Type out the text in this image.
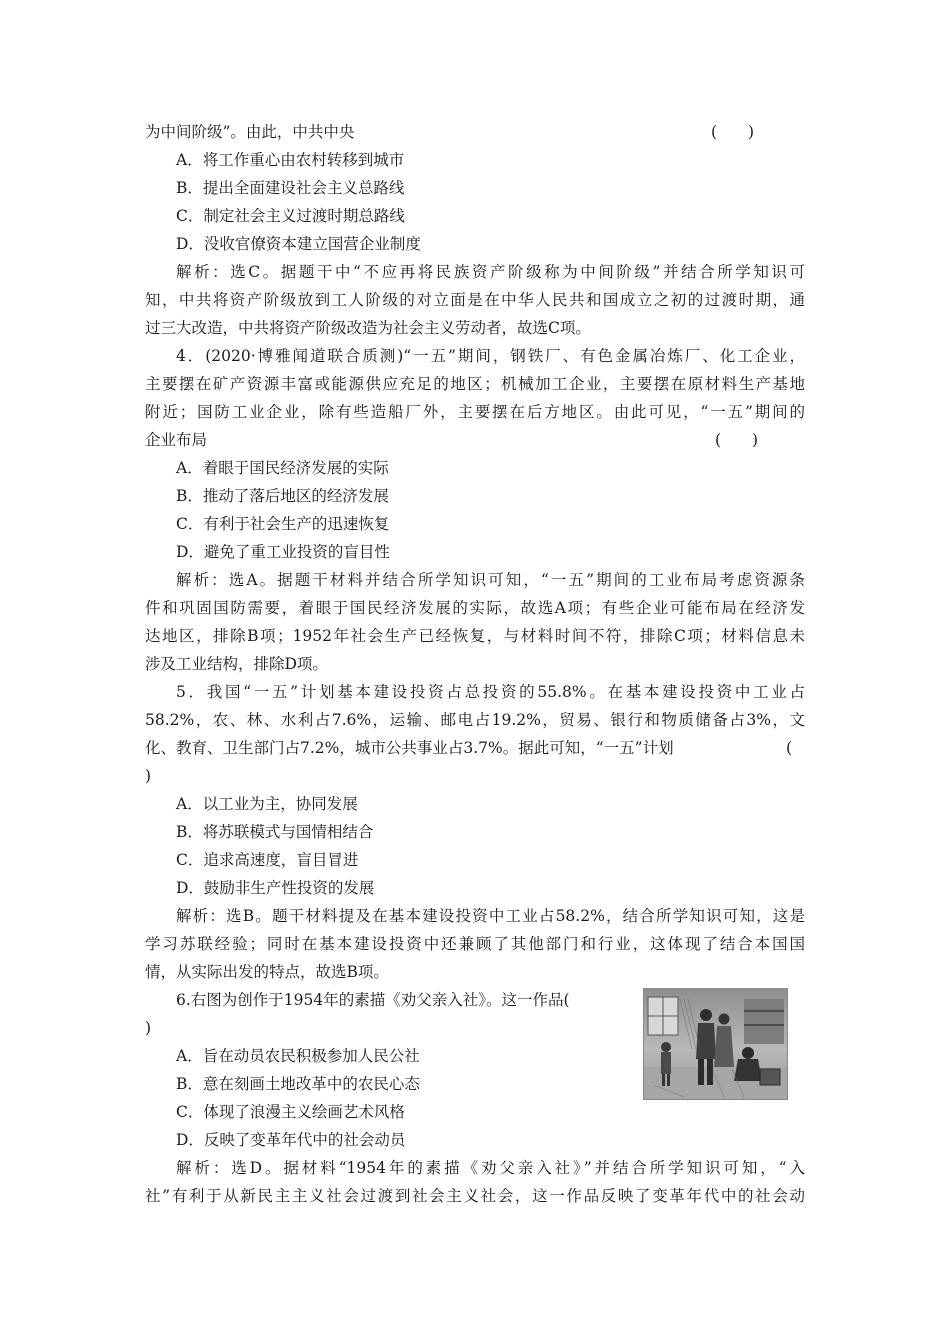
为中间阶级”。由此，中共中央	(　　)
A．将工作重心由农村转移到城市
B．提出全面建设社会主义总路线
C．制定社会主义过渡时期总路线
D．没收官僚资本建立国营企业制度
解析：选C。据题干中“不应再将民族资产阶级称为中间阶级”并结合所学知识可
知，中共将资产阶级放到工人阶级的对立面是在中华人民共和国成立之初的过渡时期，通
过三大改造，中共将资产阶级改造为社会主义劳动者，故选C项。
4．(2020·博雅闻道联合质测)“一五”期间，钢铁厂、有色金属冶炼厂、化工企业，
主要摆在矿产资源丰富或能源供应充足的地区；机械加工企业，主要摆在原材料生产基地
附近；国防工业企业，除有些造船厂外，主要摆在后方地区。由此可见，“一五”期间的
企业布局	(　　)
A．着眼于国民经济发展的实际
B．推动了落后地区的经济发展
C．有利于社会生产的迅速恢复
D．避免了重工业投资的盲目性
解析：选A。据题干材料并结合所学知识可知，“一五”期间的工业布局考虑资源条
件和巩固国防需要，着眼于国民经济发展的实际，故选A项；有些企业可能布局在经济发
达地区，排除B项；1952年社会生产已经恢复，与材料时间不符，排除C项；材料信息未
涉及工业结构，排除D项。
5．我国“一五”计划基本建设投资占总投资的55.8%。在基本建设投资中工业占
58.2%，农、林、水利占7.6%，运输、邮电占19.2%，贸易、银行和物质储备占3%，文
化、教育、卫生部门占7.2%，城市公共事业占3.7%。据此可知，“一五”计划	(
)
A．以工业为主，协同发展
B．将苏联模式与国情相结合
C．追求高速度，盲目冒进
D．鼓励非生产性投资的发展
解析：选B。题干材料提及在基本建设投资中工业占58.2%，结合所学知识可知，这是
学习苏联经验；同时在基本建设投资中还兼顾了其他部门和行业，这体现了结合本国国
情，从实际出发的特点，故选B项。
6.右图为创作于1954年的素描《劝父亲入社》。这一作品(
)
A．旨在动员农民积极参加人民公社
B．意在刻画土地改革中的农民心态
C．体现了浪漫主义绘画艺术风格
D．反映了变革年代中的社会动员
解析：选D。据材料“1954年的素描《劝父亲入社》”并结合所学知识可知，“入
社”有利于从新民主主义社会过渡到社会主义社会，这一作品反映了变革年代中的社会动
